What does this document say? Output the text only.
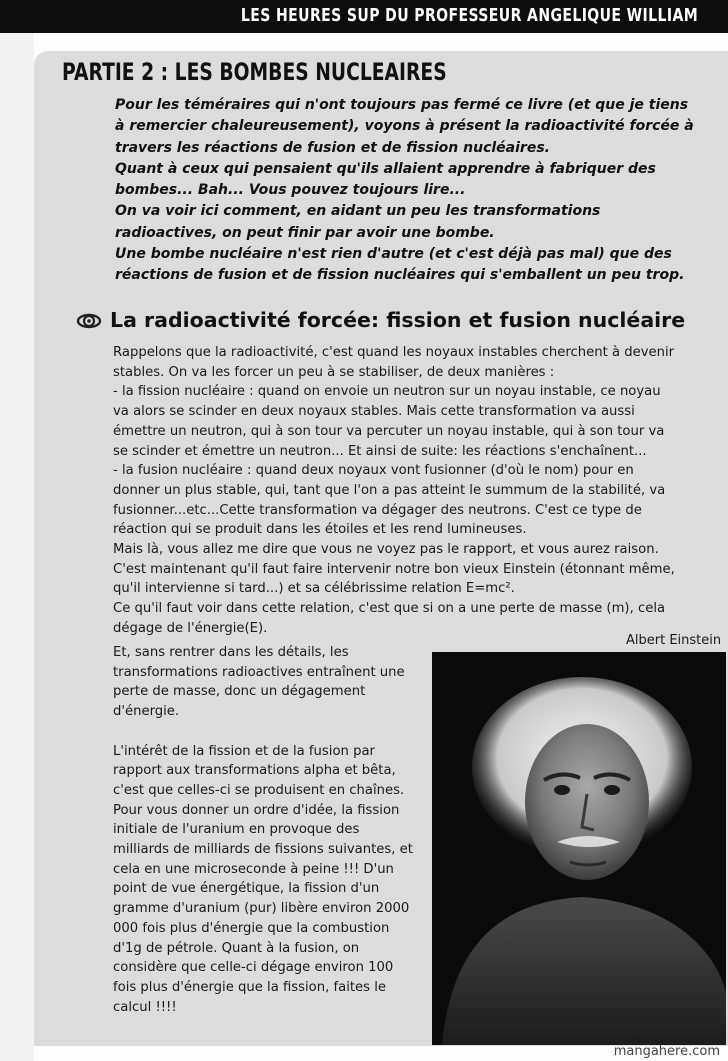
LES HEURES SUP DU PROFESSEUR ANGELIQUE WILLIAM
PARTIE 2 : LES BOMBES NUCLEAIRES

Pour les téméraires qui n'ont toujours pas fermé ce livre (et que je tiens à remercier chaleureusement), voyons à présent la radioactivité forcée à travers les réactions de fusion et de fission nucléaires.

Quant à ceux qui pensaient qu'ils allaient apprendre à fabriquer des bombes... Bah... Vous pouvez toujours lire...

On va voir ici comment, en aidant un peu les transformations radioactives, on peut finir par avoir une bombe.

Une bombe nucléaire n'est rien d'autre (et c'est déjà pas mal) que des réactions de fusion et de fission nucléaires qui s'emballent un peu trop.

La radioactivité forcée: fission et fusion nucléaire

Rappelons que la radioactivité, c'est quand les noyaux instables cherchent à devenir stables. On va les forcer un peu à se stabiliser, de deux manières :

- la fission nucléaire : quand on envoie un neutron sur un noyau instable, ce noyau va alors se scinder en deux noyaux stables. Mais cette transformation va aussi émettre un neutron, qui à son tour va percuter un noyau instable, qui à son tour va se scinder et émettre un neutron... Et ainsi de suite: les réactions s'enchaînent...

- la fusion nucléaire : quand deux noyaux vont fusionner (d'où le nom) pour en donner un plus stable, qui, tant que l'on a pas atteint le summum de la stabilité, va fusionner...etc...Cette transformation va dégager des neutrons. C'est ce type de réaction qui se produit dans les étoiles et les rend lumineuses.

Mais là, vous allez me dire que vous ne voyez pas le rapport, et vous aurez raison. C'est maintenant qu'il faut faire intervenir notre bon vieux Einstein (étonnant même, qu'il intervienne si tard...) et sa célébrissime relation E=mc².

Ce qu'il faut voir dans cette relation, c'est que si on a une perte de masse (m), cela dégage de l'énergie(E).

Albert Einstein

Et, sans rentrer dans les détails, les transformations radioactives entraînent une perte de masse, donc un dégagement d'énergie.

L'intérêt de la fission et de la fusion par rapport aux transformations alpha et bêta, c'est que celles-ci se produisent en chaînes. Pour vous donner un ordre d'idée, la fission initiale de l'uranium en provoque des milliards de milliards de fissions suivantes, et cela en une microseconde à peine !!! D'un point de vue énergétique, la fission d'un gramme d'uranium (pur) libère environ 2000 000 fois plus d'énergie que la combustion d'1g de pétrole. Quant à la fusion, on considère que celle-ci dégage environ 100 fois plus d'énergie que la fission, faites le calcul !!!!

mangahere.com
